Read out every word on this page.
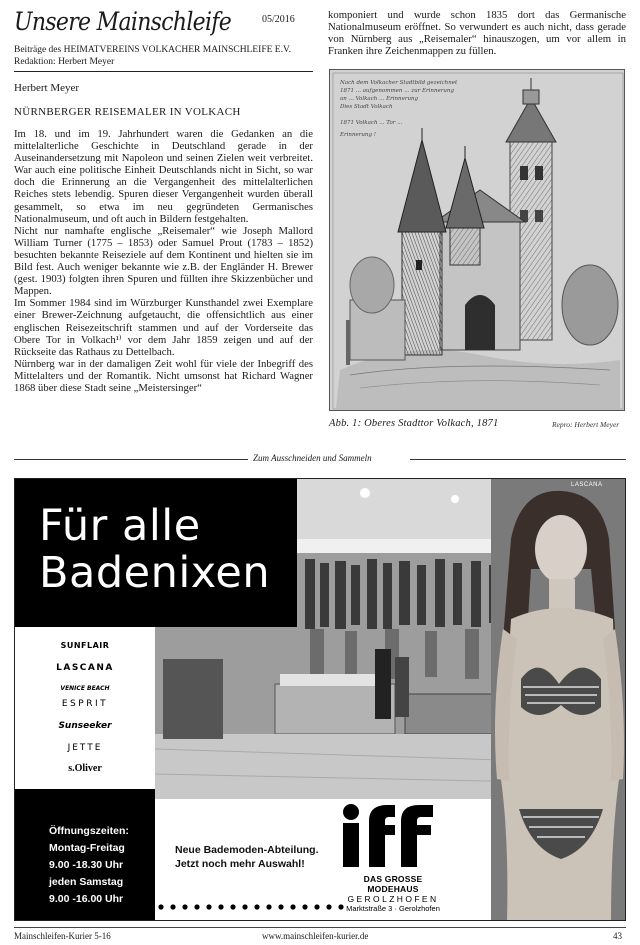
Unsere Mainschleife
Beiträge des HEIMATVEREINS VOLKACHER MAINSCHLEIFE E.V.
Redaktion: Herbert Meyer
05/2016
Herbert Meyer
NÜRNBERGER REISEMALER IN VOLKACH

Im 18. und im 19. Jahrhundert waren die Gedanken an die mittelalterliche Geschichte in Deutschland gerade in der Auseinandersetzung mit Napoleon und seinen Zielen weit verbreitet. War auch eine politische Einheit Deutschlands nicht in Sicht, so war doch die Erinnerung an die Vergangenheit des mittelalterlichen Reiches stets lebendig. Spuren dieser Vergangenheit wurden überall gesammelt, so etwa im neu gegründeten Germanisches Nationalmuseum, und oft auch in Bildern festgehalten.

Nicht nur namhafte englische „Reisemaler“ wie Joseph Mallord William Turner (1775 – 1853) oder Samuel Prout (1783 – 1852) besuchten bekannte Reiseziele auf dem Kontinent und hielten sie im Bild fest. Auch weniger bekannte wie z.B. der Engländer H. Brewer (gest. 1903) folgten ihren Spuren und füllten ihre Skizzenbücher und Mappen.

Im Sommer 1984 sind im Würzburger Kunsthandel zwei Exemplare einer Brewer-Zeichnung aufgetaucht, die offensichtlich aus einer englischen Reisezeitschrift stammen und auf der Vorderseite das Obere Tor in Volkach¹⁾ vor dem Jahr 1859 zeigen und auf der Rückseite das Rathaus zu Dettelbach.

Nürnberg war in der damaligen Zeit wohl für viele der Inbegriff des Mittelalters und der Romantik. Nicht umsonst hat Richard Wagner 1868 über diese Stadt seine „Meistersinger“

komponiert und wurde schon 1835 dort das Germanische Nationalmuseum eröffnet. So verwundert es auch nicht, dass gerade von Nürnberg aus „Reisemaler“ hinauszogen, um vor allem in Franken ihre Zeichenmappen zu füllen.
Nach dem Volkacher Stadtbild gezeichnet
1871 ... aufgenommen ... zur Erinnerung
an ... Volkach ... Erinnerung
Dies Stadt Volkach
1871 Volkach ... Tor ...
Erinnerung !
Abb. 1: Oberes Stadttor Volkach, 1871	Repro: Herbert Meyer
Zum Ausschneiden und Sammeln
Für alle
Badenixen
SUNFLAIR
LASCANA
VENICE BEACH
ESPRIT
Sunseeker
JETTE
s.Oliver
Öffnungszeiten:
Montag-Freitag
9.00 -18.30 Uhr
jeden Samstag
9.00 -16.00 Uhr
Neue Bademoden-Abteilung.
Jetzt noch mehr Auswahl!
iff
DAS GROSSE MODEHAUS
GEROLZHOFEN
Marktstraße 3 · Gerolzhofen
LASCANA
Mainschleifen-Kurier 5-16	www.mainschleifen-kurier.de	43
